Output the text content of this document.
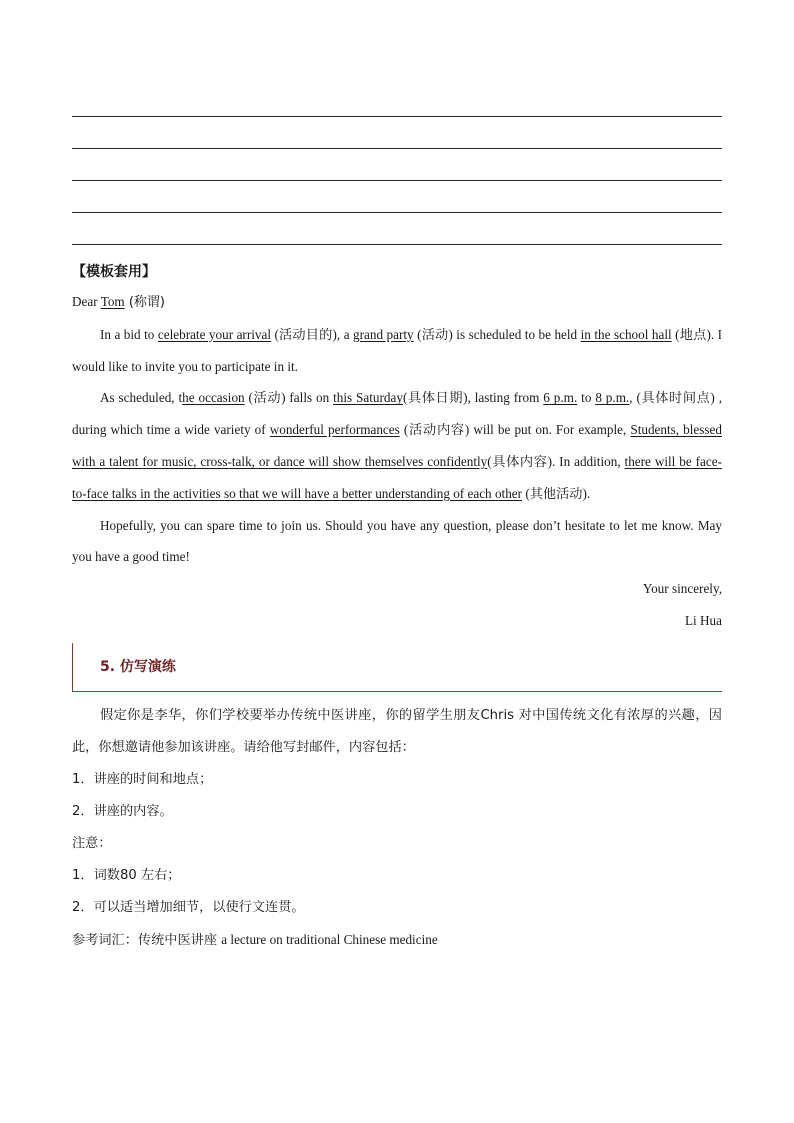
【模板套用】

Dear Tom (称谓)

In a bid to celebrate your arrival (活动目的), a grand party (活动) is scheduled to be held in the school hall (地点). I would like to invite you to participate in it.

As scheduled, the occasion (活动) falls on this Saturday(具体日期), lasting from 6 p.m. to 8 p.m., (具体时间点) , during which time a wide variety of wonderful performances (活动内容) will be put on. For example, Students, blessed with a talent for music, cross-talk, or dance will show themselves confidently(具体内容). In addition, there will be face-to-face talks in the activities so that we will have a better understanding of each other (其他活动).

Hopefully, you can spare time to join us. Should you have any question, please don’t hesitate to let me know. May you have a good time!

Your sincerely,

Li Hua

5. 仿写演练

假定你是李华，你们学校要举办传统中医讲座，你的留学生朋友Chris 对中国传统文化有浓厚的兴趣，因此，你想邀请他参加该讲座。请给他写封邮件，内容包括：

1．讲座的时间和地点；

2．讲座的内容。

注意：

1．词数80 左右；

2．可以适当增加细节，以使行文连贯。

参考词汇：传统中医讲座 a lecture on traditional Chinese medicine
